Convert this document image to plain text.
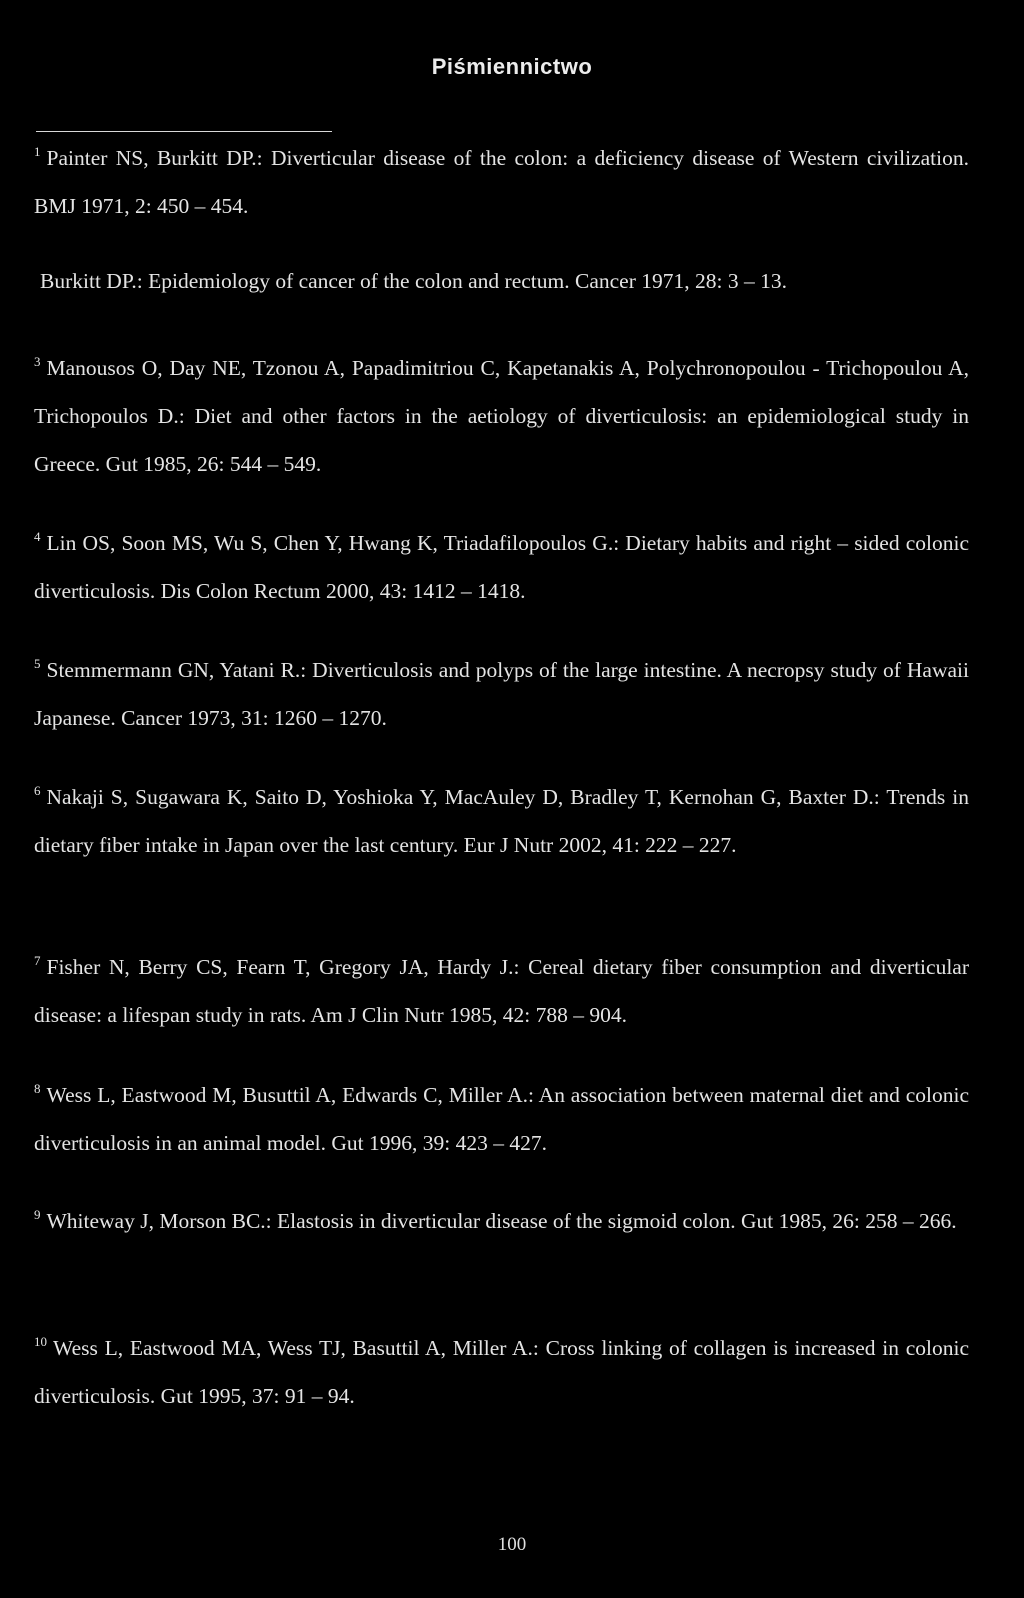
Piśmiennictwo
$^1$ Painter NS, Burkitt DP.: Diverticular disease of the colon: a deficiency disease of Western civilization. BMJ 1971, 2: 450 – 454.
Burkitt DP.: Epidemiology of cancer of the colon and rectum. Cancer 1971, 28: 3 – 13.
$^3$ Manousos O, Day NE, Tzonou A, Papadimitriou C, Kapetanakis A, Polychronopoulou - Trichopoulou A, Trichopoulos D.: Diet and other factors in the aetiology of diverticulosis: an epidemiological study in Greece. Gut 1985, 26: 544 – 549.
$^4$ Lin OS, Soon MS, Wu S, Chen Y, Hwang K, Triadafilopoulos G.: Dietary habits and right – sided colonic diverticulosis. Dis Colon Rectum 2000, 43: 1412 – 1418.
$^5$ Stemmermann GN, Yatani R.: Diverticulosis and polyps of the large intestine. A necropsy study of Hawaii Japanese. Cancer 1973, 31: 1260 – 1270.
$^6$ Nakaji S, Sugawara K, Saito D, Yoshioka Y, MacAuley D, Bradley T, Kernohan G, Baxter D.: Trends in dietary fiber intake in Japan over the last century. Eur J Nutr 2002, 41: 222 – 227.
$^7$ Fisher N, Berry CS, Fearn T, Gregory JA, Hardy J.: Cereal dietary fiber consumption and diverticular disease: a lifespan study in rats. Am J Clin Nutr 1985, 42: 788 – 904.
$^8$ Wess L, Eastwood M, Busuttil A, Edwards C, Miller A.: An association between maternal diet and colonic diverticulosis in an animal model. Gut 1996, 39: 423 – 427.
$^9$ Whiteway J, Morson BC.: Elastosis in diverticular disease of the sigmoid colon. Gut 1985, 26: 258 – 266.
$^{10}$ Wess L, Eastwood MA, Wess TJ, Basuttil A, Miller A.: Cross linking of collagen is increased in colonic diverticulosis. Gut 1995, 37: 91 – 94.
100
